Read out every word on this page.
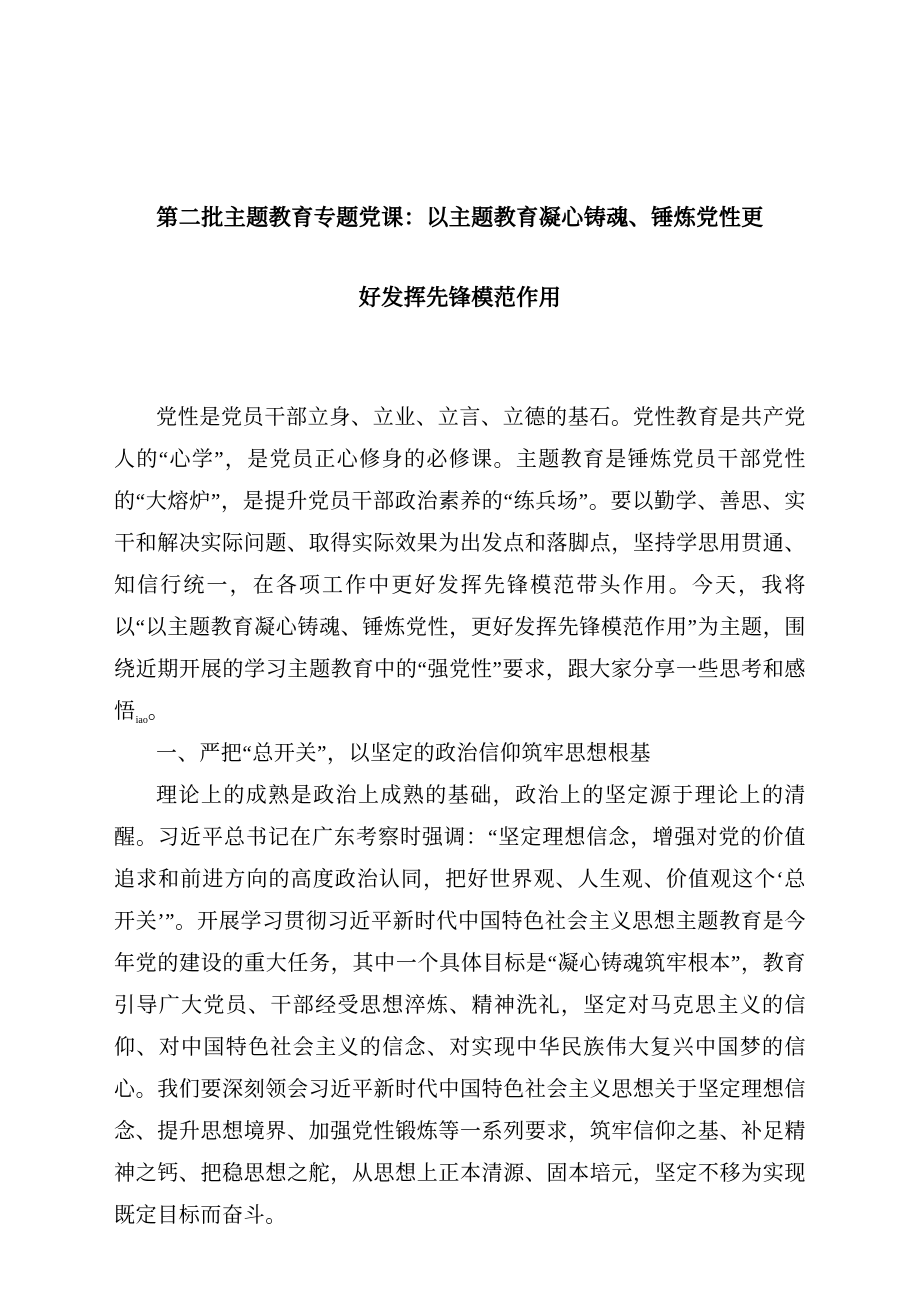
第二批主题教育专题党课：以主题教育凝心铸魂、锤炼党性更
好发挥先锋模范作用

党性是党员干部立身、立业、立言、立德的基石。党性教育是共产党人的“心学”，是党员正心修身的必修课。主题教育是锤炼党员干部党性的“大熔炉”，是提升党员干部政治素养的“练兵场”。要以勤学、善思、实干和解决实际问题、取得实际效果为出发点和落脚点，坚持学思用贯通、知信行统一，在各项工作中更好发挥先锋模范带头作用。今天，我将以“以主题教育凝心铸魂、锤炼党性，更好发挥先锋模范作用”为主题，围绕近期开展的学习主题教育中的“强党性”要求，跟大家分享一些思考和感悟$_{iao}$。

一、严把“总开关”，以坚定的政治信仰筑牢思想根基

理论上的成熟是政治上成熟的基础，政治上的坚定源于理论上的清醒。习近平总书记在广东考察时强调：“坚定理想信念，增强对党的价值追求和前进方向的高度政治认同，把好世界观、人生观、价值观这个‘总开关’”。开展学习贯彻习近平新时代中国特色社会主义思想主题教育是今年党的建设的重大任务，其中一个具体目标是“凝心铸魂筑牢根本”，教育引导广大党员、干部经受思想淬炼、精神洗礼，坚定对马克思主义的信仰、对中国特色社会主义的信念、对实现中华民族伟大复兴中国梦的信心。我们要深刻领会习近平新时代中国特色社会主义思想关于坚定理想信念、提升思想境界、加强党性锻炼等一系列要求，筑牢信仰之基、补足精神之钙、把稳思想之舵，从思想上正本清源、固本培元，坚定不移为实现既定目标而奋斗。
